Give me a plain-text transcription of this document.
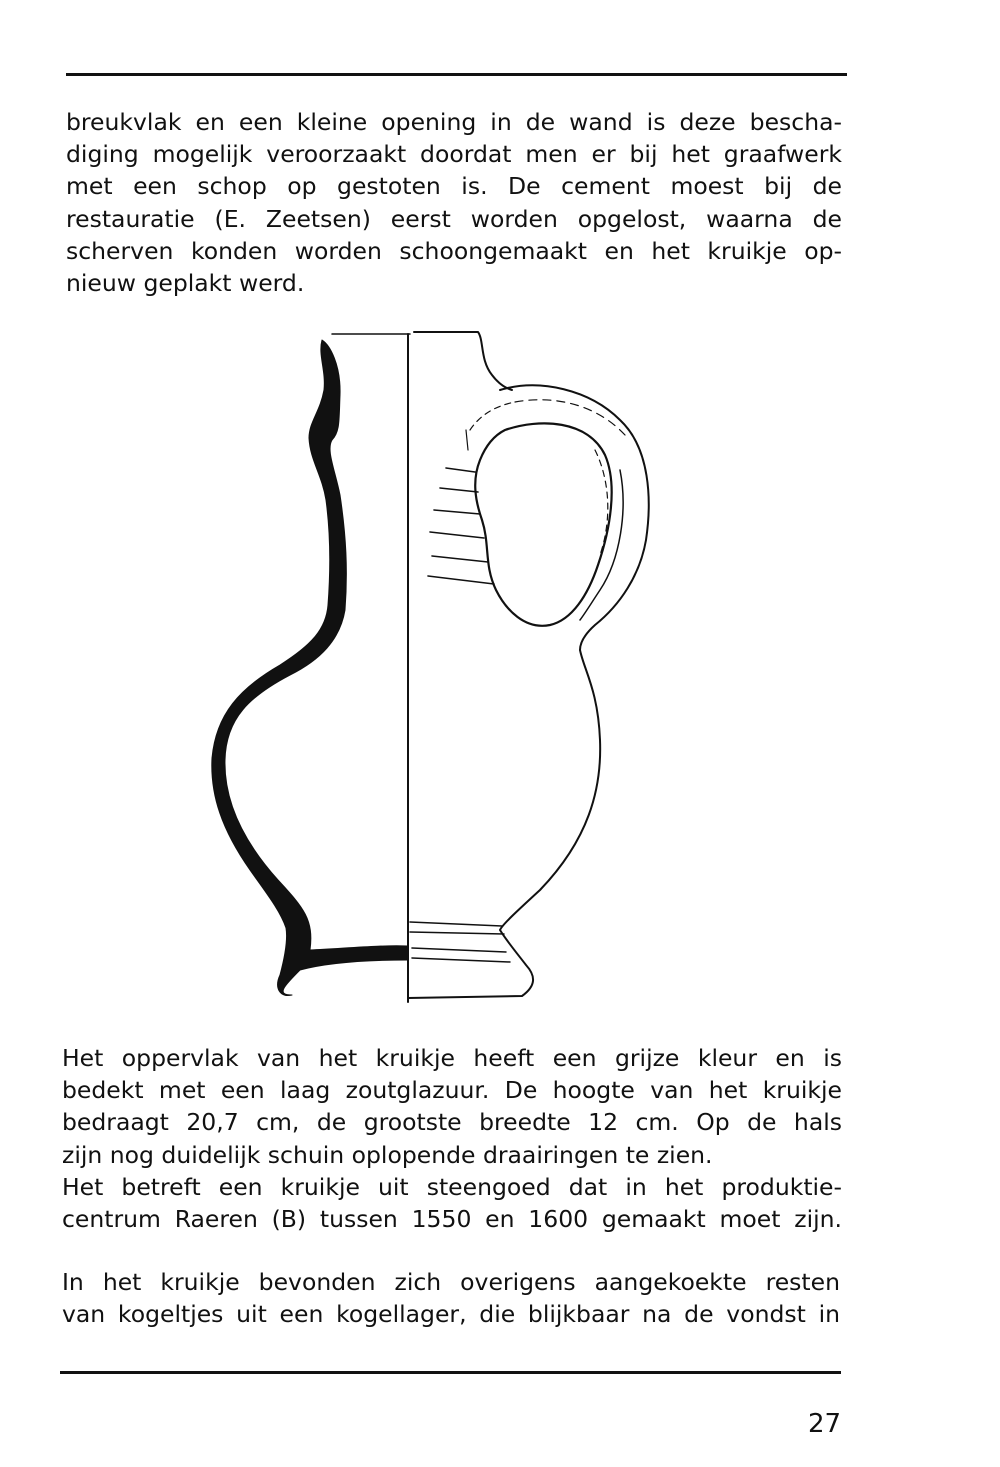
breukvlak en een kleine opening in de wand is deze bescha-
diging mogelijk veroorzaakt doordat men er bij het graafwerk
met een schop op gestoten is. De cement moest bij de
restauratie (E. Zeetsen) eerst worden opgelost, waarna de
scherven konden worden schoongemaakt en het kruikje op-
nieuw geplakt werd.
Het oppervlak van het kruikje heeft een grijze kleur en is
bedekt met een laag zoutglazuur. De hoogte van het kruikje
bedraagt 20,7 cm, de grootste breedte 12 cm. Op de hals
zijn nog duidelijk schuin oplopende draairingen te zien.
Het betreft een kruikje uit steengoed dat in het produktie-
centrum Raeren (B) tussen 1550 en 1600 gemaakt moet zijn.
In het kruikje bevonden zich overigens aangekoekte resten
van kogeltjes uit een kogellager, die blijkbaar na de vondst in
27
